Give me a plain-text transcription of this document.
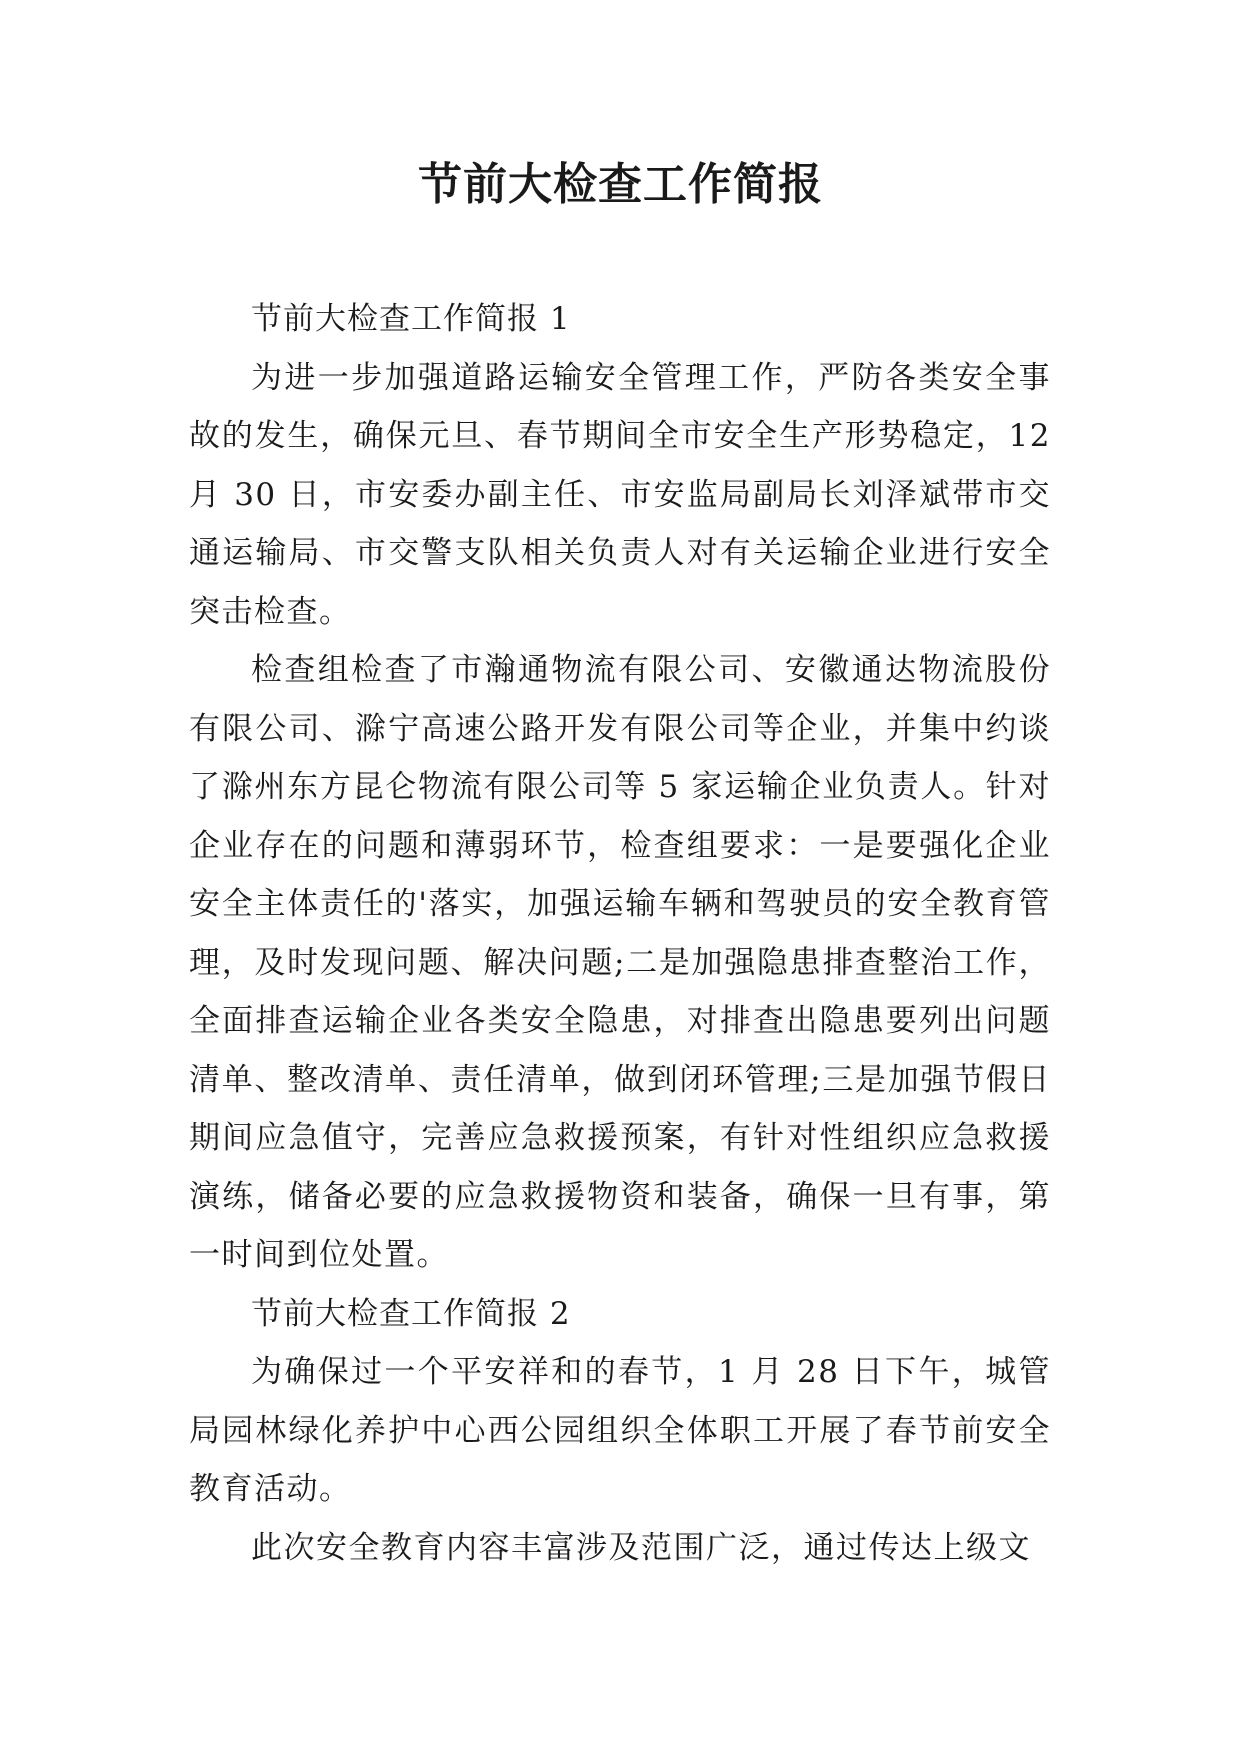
节前大检查工作简报

节前大检查工作简报 1

为进一步加强道路运输安全管理工作，严防各类安全事故的发生，确保元旦、春节期间全市安全生产形势稳定，12 月 30 日，市安委办副主任、市安监局副局长刘泽斌带市交通运输局、市交警支队相关负责人对有关运输企业进行安全突击检查。

检查组检查了市瀚通物流有限公司、安徽通达物流股份有限公司、滁宁高速公路开发有限公司等企业，并集中约谈了滁州东方昆仑物流有限公司等 5 家运输企业负责人。针对企业存在的问题和薄弱环节，检查组要求：一是要强化企业安全主体责任的'落实，加强运输车辆和驾驶员的安全教育管理，及时发现问题、解决问题;二是加强隐患排查整治工作，全面排查运输企业各类安全隐患，对排查出隐患要列出问题清单、整改清单、责任清单，做到闭环管理;三是加强节假日期间应急值守，完善应急救援预案，有针对性组织应急救援演练，储备必要的应急救援物资和装备，确保一旦有事，第一时间到位处置。

节前大检查工作简报 2

为确保过一个平安祥和的春节，1 月 28 日下午，城管局园林绿化养护中心西公园组织全体职工开展了春节前安全教育活动。

此次安全教育内容丰富涉及范围广泛，通过传达上级文
